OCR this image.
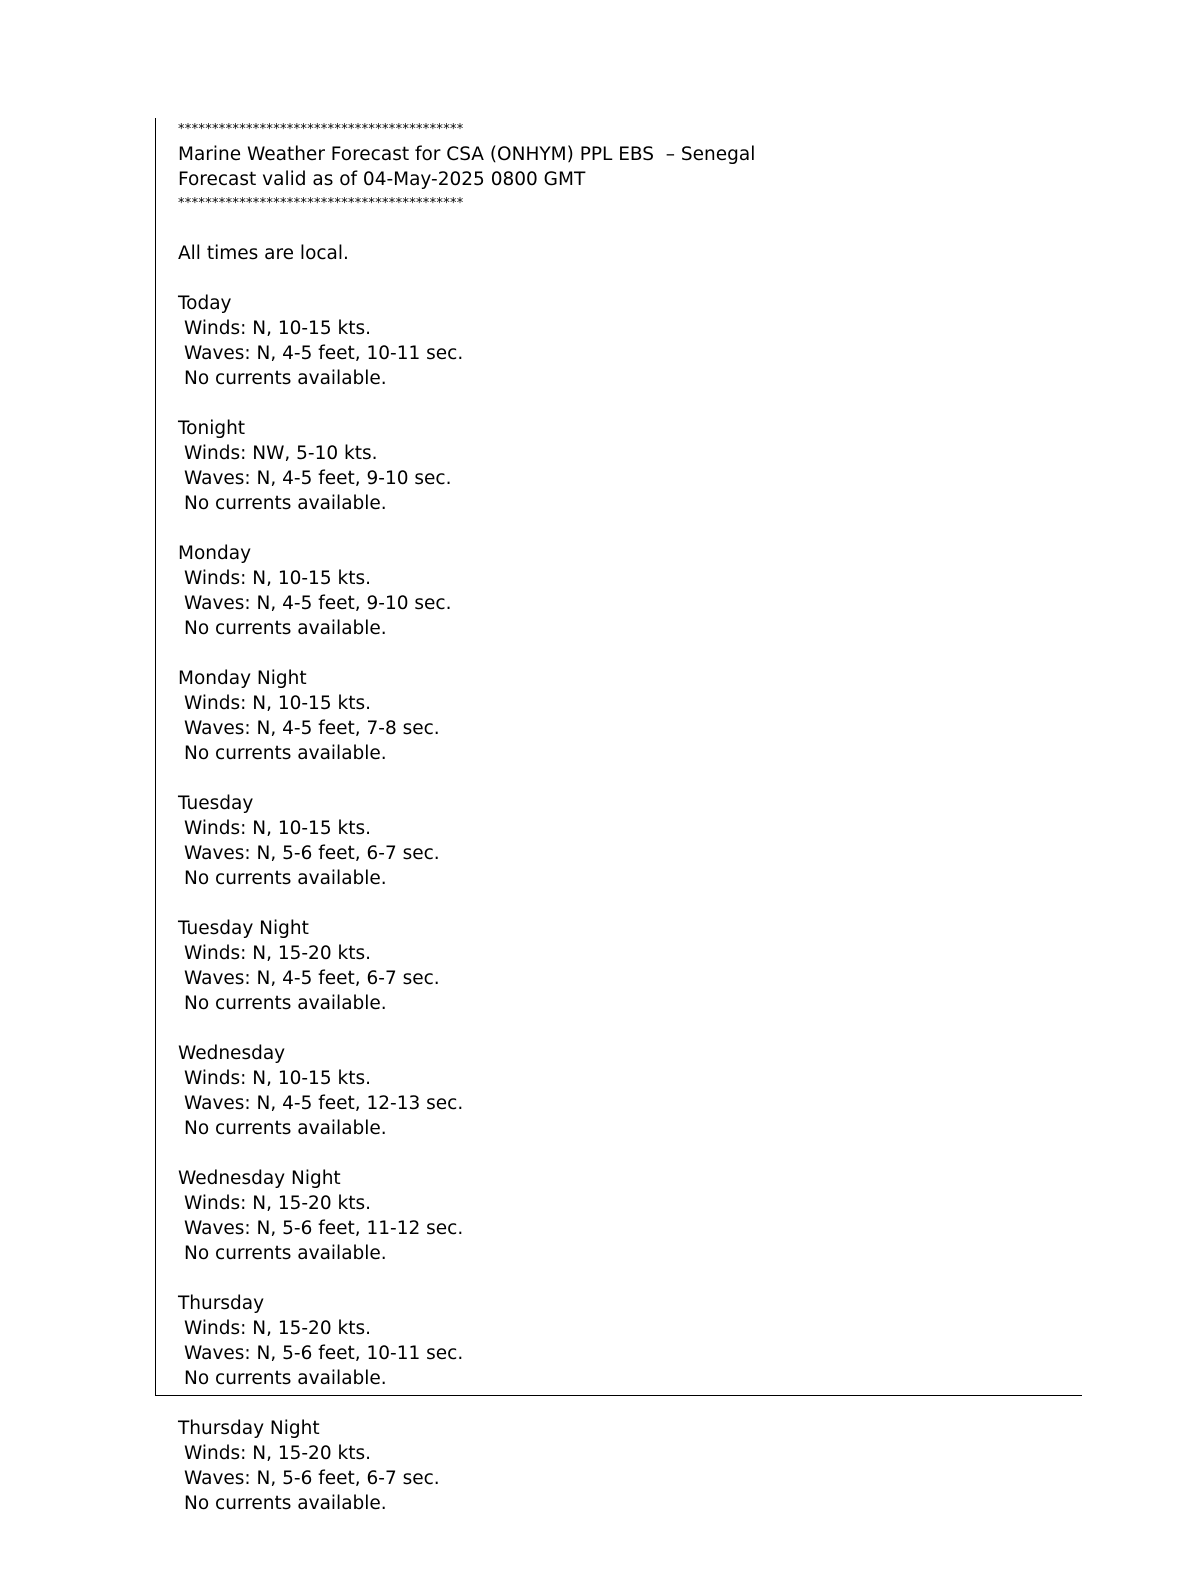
******************************************
Marine Weather Forecast for CSA (ONHYM) PPL EBS  – Senegal
Forecast valid as of 04-May-2025 0800 GMT
******************************************
All times are local.
Today
Winds: N, 10-15 kts.
Waves: N, 4-5 feet, 10-11 sec.
No currents available.
Tonight
Winds: NW, 5-10 kts.
Waves: N, 4-5 feet, 9-10 sec.
No currents available.
Monday
Winds: N, 10-15 kts.
Waves: N, 4-5 feet, 9-10 sec.
No currents available.
Monday Night
Winds: N, 10-15 kts.
Waves: N, 4-5 feet, 7-8 sec.
No currents available.
Tuesday
Winds: N, 10-15 kts.
Waves: N, 5-6 feet, 6-7 sec.
No currents available.
Tuesday Night
Winds: N, 15-20 kts.
Waves: N, 4-5 feet, 6-7 sec.
No currents available.
Wednesday
Winds: N, 10-15 kts.
Waves: N, 4-5 feet, 12-13 sec.
No currents available.
Wednesday Night
Winds: N, 15-20 kts.
Waves: N, 5-6 feet, 11-12 sec.
No currents available.
Thursday
Winds: N, 15-20 kts.
Waves: N, 5-6 feet, 10-11 sec.
No currents available.
Thursday Night
Winds: N, 15-20 kts.
Waves: N, 5-6 feet, 6-7 sec.
No currents available.
